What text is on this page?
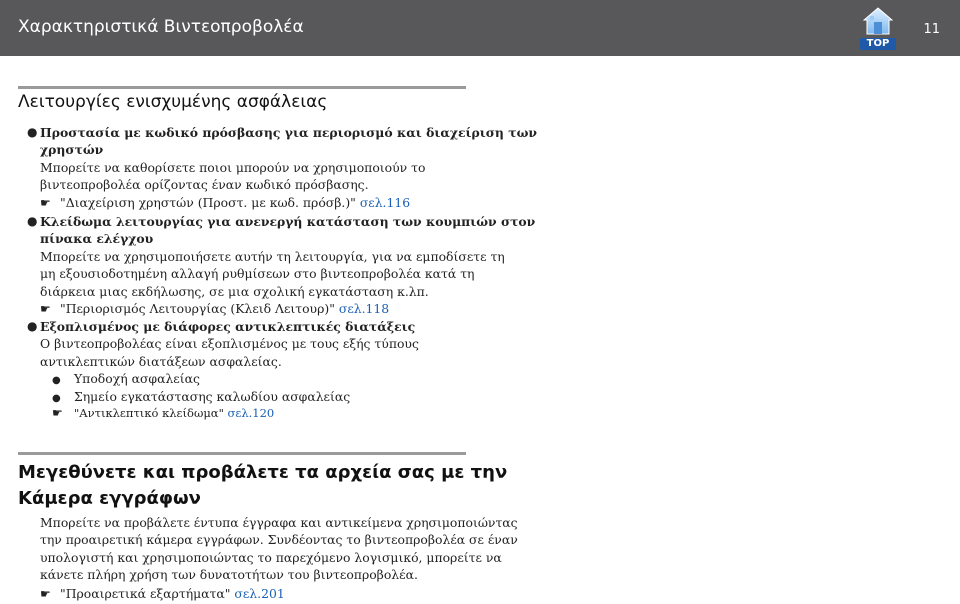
Χαρακτηριστικά Βιντεοπροβολέα
TOP
11
Λειτουργίες ενισχυμένης ασφάλειας
● Προστασία με κωδικό πρόσβασης για περιορισμό και διαχείριση των
χρηστών
Μπορείτε να καθορίσετε ποιοι μπορούν να χρησιμοποιούν το
βιντεοπροβολέα ορίζοντας έναν κωδικό πρόσβασης.
☛ "Διαχείριση χρηστών (Προστ. με κωδ. πρόσβ.)" σελ.116
● Κλείδωμα λειτουργίας για ανενεργή κατάσταση των κουμπιών στον
πίνακα ελέγχου
Μπορείτε να χρησιμοποιήσετε αυτήν τη λειτουργία, για να εμποδίσετε τη
μη εξουσιοδοτημένη αλλαγή ρυθμίσεων στο βιντεοπροβολέα κατά τη
διάρκεια μιας εκδήλωσης, σε μια σχολική εγκατάσταση κ.λπ.
☛ "Περιορισμός Λειτουργίας (Κλειδ Λειτουρ)" σελ.118
● Εξοπλισμένος με διάφορες αντικλεπτικές διατάξεις
Ο βιντεοπροβολέας είναι εξοπλισμένος με τους εξής τύπους
αντικλεπτικών διατάξεων ασφαλείας.
● Υποδοχή ασφαλείας
● Σημείο εγκατάστασης καλωδίου ασφαλείας
☛ "Αντικλεπτικό κλείδωμα" σελ.120
Μεγεθύνετε και προβάλετε τα αρχεία σας με την
Κάμερα εγγράφων
Μπορείτε να προβάλετε έντυπα έγγραφα και αντικείμενα χρησιμοποιώντας
την προαιρετική κάμερα εγγράφων. Συνδέοντας το βιντεοπροβολέα σε έναν
υπολογιστή και χρησιμοποιώντας το παρεχόμενο λογισμικό, μπορείτε να
κάνετε πλήρη χρήση των δυνατοτήτων του βιντεοπροβολέα.
☛ "Προαιρετικά εξαρτήματα" σελ.201
